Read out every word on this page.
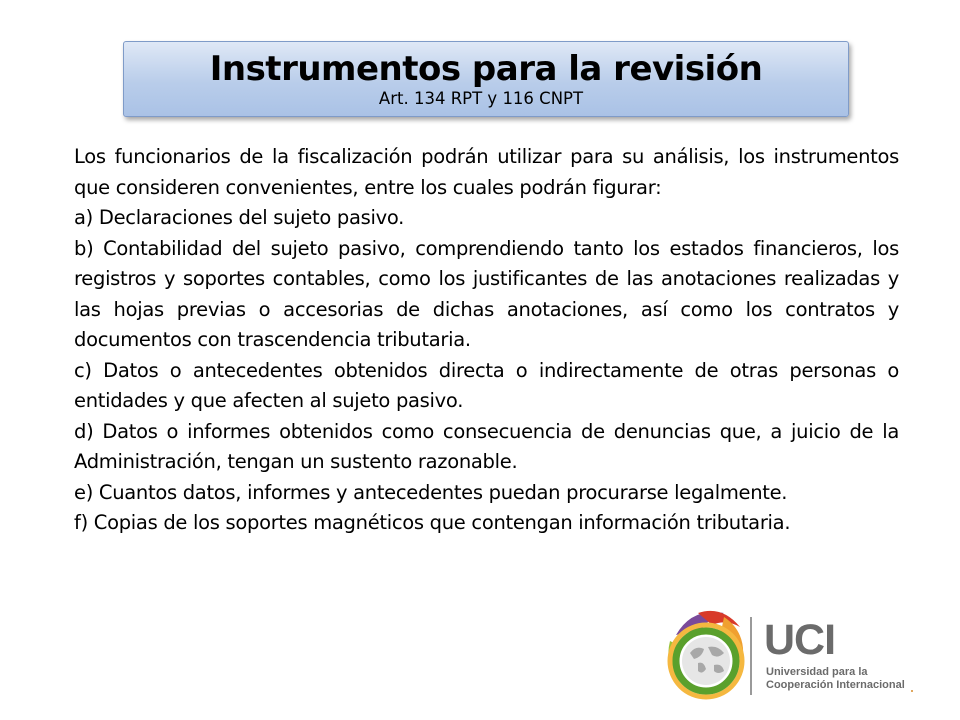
Instrumentos para la revisión
Art. 134 RPT y 116 CNPT

Los funcionarios de la fiscalización podrán utilizar para su análisis, los instrumentos que consideren convenientes, entre los cuales podrán figurar:

a) Declaraciones del sujeto pasivo.

b) Contabilidad del sujeto pasivo, comprendiendo tanto los estados financieros, los registros y soportes contables, como los justificantes de las anotaciones realizadas y las hojas previas o accesorias de dichas anotaciones, así como los contratos y documentos con trascendencia tributaria.

c) Datos o antecedentes obtenidos directa o indirectamente de otras personas o entidades y que afecten al sujeto pasivo.

d) Datos o informes obtenidos como consecuencia de denuncias que, a juicio de la Administración, tengan un sustento razonable.

e) Cuantos datos, informes y antecedentes puedan procurarse legalmente.

f) Copias de los soportes magnéticos que contengan información tributaria.

UCI
Universidad para la
Cooperación Internacional
